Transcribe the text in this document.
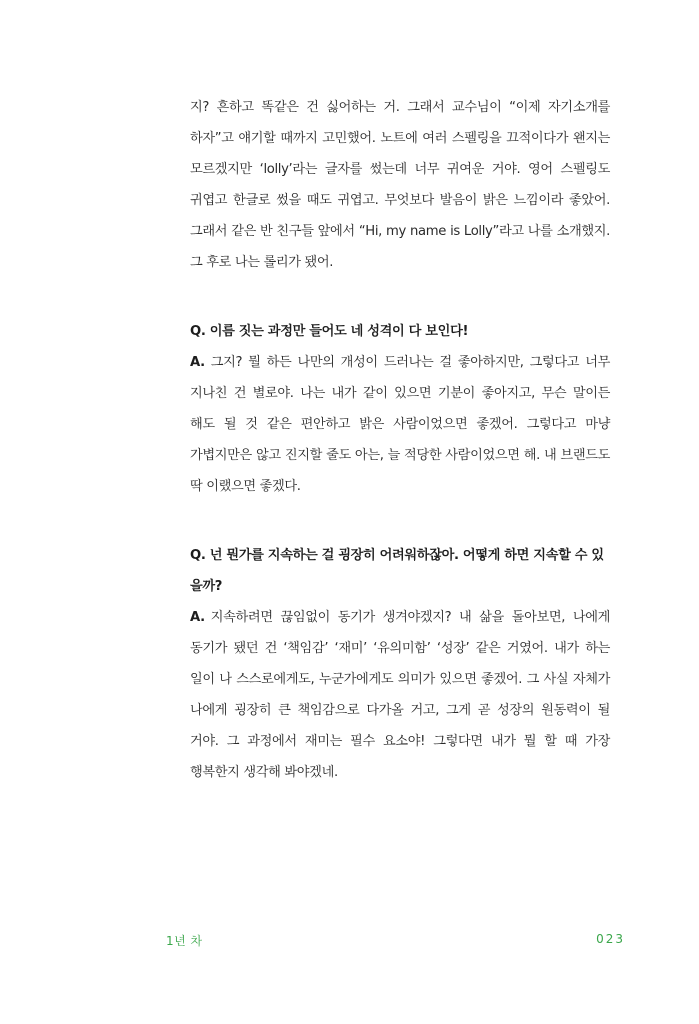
지? 흔하고 똑같은 건 싫어하는 거. 그래서 교수님이 “이제 자기소개를 하자”고 얘기할 때까지 고민했어. 노트에 여러 스펠링을 끄적이다가 왠지는 모르겠지만 ‘lolly’라는 글자를 썼는데 너무 귀여운 거야. 영어 스펠링도 귀엽고 한글로 썼을 때도 귀엽고. 무엇보다 발음이 밝은 느낌이라 좋았어. 그래서 같은 반 친구들 앞에서 “Hi, my name is Lolly”라고 나를 소개했지. 그 후로 나는 롤리가 됐어.

Q. 이름 짓는 과정만 들어도 네 성격이 다 보인다!

A. 그지? 뭘 하든 나만의 개성이 드러나는 걸 좋아하지만, 그렇다고 너무 지나친 건 별로야. 나는 내가 같이 있으면 기분이 좋아지고, 무슨 말이든 해도 될 것 같은 편안하고 밝은 사람이었으면 좋겠어. 그렇다고 마냥 가볍지만은 않고 진지할 줄도 아는, 늘 적당한 사람이었으면 해. 내 브랜드도 딱 이랬으면 좋겠다.

Q. 넌 뭔가를 지속하는 걸 굉장히 어려워하잖아. 어떻게 하면 지속할 수 있을까?

A. 지속하려면 끊임없이 동기가 생겨야겠지? 내 삶을 돌아보면, 나에게 동기가 됐던 건 ‘책임감’ ‘재미’ ‘유의미함’ ‘성장’ 같은 거였어. 내가 하는 일이 나 스스로에게도, 누군가에게도 의미가 있으면 좋겠어. 그 사실 자체가 나에게 굉장히 큰 책임감으로 다가올 거고, 그게 곧 성장의 원동력이 될 거야. 그 과정에서 재미는 필수 요소야! 그렇다면 내가 뭘 할 때 가장 행복한지 생각해 봐야겠네.

1년 차	023
